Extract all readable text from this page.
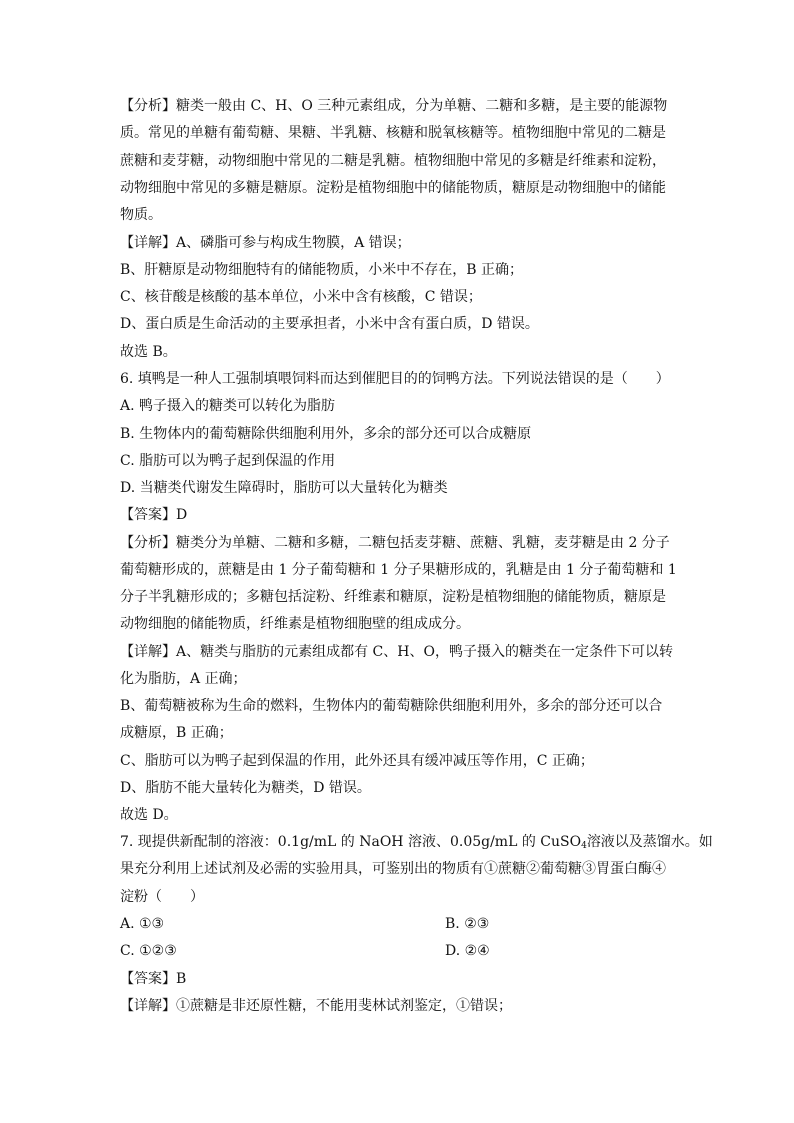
【分析】糖类一般由 C、H、O 三种元素组成，分为单糖、二糖和多糖，是主要的能源物
质。常见的单糖有葡萄糖、果糖、半乳糖、核糖和脱氧核糖等。植物细胞中常见的二糖是
蔗糖和麦芽糖，动物细胞中常见的二糖是乳糖。植物细胞中常见的多糖是纤维素和淀粉，
动物细胞中常见的多糖是糖原。淀粉是植物细胞中的储能物质，糖原是动物细胞中的储能
物质。
【详解】A、磷脂可参与构成生物膜，A 错误；
B、肝糖原是动物细胞特有的储能物质，小米中不存在，B 正确；
C、核苷酸是核酸的基本单位，小米中含有核酸，C 错误；
D、蛋白质是生命活动的主要承担者，小米中含有蛋白质，D 错误。
故选 B。
6. 填鸭是一种人工强制填喂饲料而达到催肥目的的饲鸭方法。下列说法错误的是（　　）
A. 鸭子摄入的糖类可以转化为脂肪
B. 生物体内的葡萄糖除供细胞利用外，多余的部分还可以合成糖原
C. 脂肪可以为鸭子起到保温的作用
D. 当糖类代谢发生障碍时，脂肪可以大量转化为糖类
【答案】D
【分析】糖类分为单糖、二糖和多糖，二糖包括麦芽糖、蔗糖、乳糖，麦芽糖是由 2 分子
葡萄糖形成的，蔗糖是由 1 分子葡萄糖和 1 分子果糖形成的，乳糖是由 1 分子葡萄糖和 1
分子半乳糖形成的；多糖包括淀粉、纤维素和糖原，淀粉是植物细胞的储能物质，糖原是
动物细胞的储能物质，纤维素是植物细胞壁的组成成分。
【详解】A、糖类与脂肪的元素组成都有 C、H、O，鸭子摄入的糖类在一定条件下可以转
化为脂肪，A 正确；
B、葡萄糖被称为生命的燃料，生物体内的葡萄糖除供细胞利用外，多余的部分还可以合
成糖原，B 正确；
C、脂肪可以为鸭子起到保温的作用，此外还具有缓冲减压等作用，C 正确；
D、脂肪不能大量转化为糖类，D 错误。
故选 D。
7. 现提供新配制的溶液：0.1g/mL 的 NaOH 溶液、0.05g/mL 的 CuSO$_4$溶液以及蒸馏水。如
果充分利用上述试剂及必需的实验用具，可鉴别出的物质有①蔗糖②葡萄糖③胃蛋白酶④
淀粉（　　）
A. ①③	B. ②③
C. ①②③	D. ②④
【答案】B
【详解】①蔗糖是非还原性糖，不能用斐林试剂鉴定，①错误；
